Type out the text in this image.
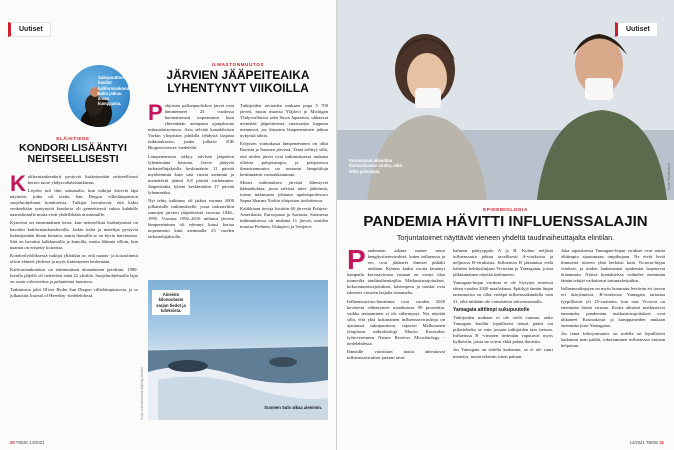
Uutiset
Sukupuuttoon kuollut kaliforniankondori. Saku jatkuu ilman kumppania.
ELÄINTIEDE
KONDORI LISÄÄNTYI NEITSEELLISESTI

Kaliforniankondorit pystyvät lisääntymään neitseellisesti kertoo tuore yhdysvaltalaistutkimus.

Löydös tuli ilmi sattumalta, kun tutkijat kävivät läpi näytteitä, jotka oli otettu San Diegon villieläinpuiston suojeluohjelman kondoreista. Tutkijat havaitsivat, että kaksi venkeeltään syntynyttä kondoria oli geneettisesti sukua kahdelle naaraslinnulle mutta eivät yhdellekään urosinnuille.

Kyseessä on ensimmäinen kerta, kun neitseellistä lisääntymistä on havaittu kaliforniankondoreilla. Jotkin kalat ja matelijat pystyvät lisääntymään ilman koiraita, mutta linnuilla se on hyvin harvinaista. Sitä on havaittu kalkkunoilla ja kanoilla, mutta lähinnä silloin, kun naaraat on eristetty koiraista.

Kondorilyödöksessä tutkijat yllättikin se, että naaras- ja koiraslinnut olivat eläneet yhdessä ja myös lisääntyneet keskenään.

Kaliforniankondori on äärimmäisen uhanalainen petolintu. 1980-luvulla jäljellä oli tiettävästi enää 22 yksilöä. Suojeluohjelmalla lajia on saatu vahvistettua ja palautettua luontoon.

Tutkimusta johti Oliver Ryder San Diegon villieläinpuistosta, ja se julkaistiin Journal of Heredity -tiedelehdessä.

ILMASTONMUUTOS
JÄRVIEN JÄÄPEITEAIKA LYHENTYNYT VIIKOILLA

Pohjoisen pallonpuoliskon järvet ovat lämmenneet 25 vuodessa huomattavasti nopeammin kuin yhteenkään aiempana ajanjaksona mittaushistoriassa. Asia selviää kanadalaisen Yorkin yliopiston johdolla tehdystä laajasta tutkimuksesta, jonka julkaisi JGR Biogeosciences -tiedelehti.

Lämpenemisen näkyy talvisen jääpeiton lyhenemänä kestona. Järvet jäätyvät tarkastellujaksolla keskimäärin 11 päivää myöhemmin kuin sata vuotta aiemmin ja menettävät jäänsä 6,8 päivää varhemmin. Jääpeiteaika lyheni keskimäärin 17 päivää lyhemmäksi.

Nyt tehty tutkimus oli jatkoa vuonna 2000 julkaistulle tutkimukselle, jossa tarkasteltiin samojen järvien jääpeitteistä vuosina 1846–1995. Vuosina 1992–2016 mittatut järvien lämpeneminen oli edennyt kuusi kertaa nopeammin kuin aiemmalla 25 vuoden tarkastelujaksolla.

Tutkijoiden arvioiden mukaan popa 5 700 järveä, muun muassa Yläjärvi ja Michigan Yhdysvalloissa sekä Suwa Japanissa, uhkaavat menettää jääpeitteensä vuosisadan loppuun mennessä, jos ilmaston lämpeneminen jatkuu nykyistä tahtia.

Erityisen voimakasta lämpeneminen on ollut Ruotsin ja Suomen järvissä. Tämä selittyy sillä, että niiden järvet ovat tutkimuksessa mukana olleista pohjoisimpia, ja pohjoisessa ilmastonmuutos on nostanut lämpötiloja keskimäärin voimakkaammin.

Monet tutkimuksen järvistä lähestyvät kääntekohtaa, jossa talvista tulee jäättömiä, toteaa tutkimusta johtanut apulaisprofessori Sapna Sharma Yorkin yliopiston tiedotteessa.

Kalikkiaan tietoja koottiin 60 järvestä Pohjois-Amerikasta, Euroopasta ja Aasiasta. Suomesta tutkimuksessa oli mukana 11 järveä, muiden muassa Pielinen, Oulujärvi ja Vesijärvi.

Aineisto kilonootasin sarjan tiedot ja tuloksista.
Suomen Sulo alkaa aiemmin.
Kuva: tutkimuksessa käytetty aineisto
20 TIEDE 14/2021
Uutiset
Koronatauti aiheuttaa flunssakuume oireita, niitä ehkä pahempia.
EPIDEMIOLOGIA
PANDEMIA HÄVITTI INFLUENSSALAJIN
Torjuntatoimet näyttävät vieneen yhdeltä taudinaiheuttajalta elintilan.

Pandemian aikana monet muut hengitystieinvirukset, kuten influenssa ja rsv, ovat jättäneet ihmiset pitkälti rauhaan. Kolmas kiaksi vuotta kestänyt kampailu koronavirusta vastaan on vienyt tilaa tuumeilta taudinaiheuttajilta. Matkustusrajoitukset, kokoontumisrajoitukset, käsienpesu ja maskit ovat iskeneet virusten laajalta rintamalta.

Influenssavirus-havainnot ovat vuoden 2020 kevätestä vähentyneet maailmassa 99 prosenttia, vaikka testaaminen ei ole vähentynyt. Nyt näyttää siltä, että yksi kokonainen influenssaviruslinja on ajautunut sukupuuttoon, raportoi Melbournen yliopiston mikrobiologi Marios Koutsakos työtovereineen Nature Reviews Microbiology -tiedelehdessä.

Ihmisille vuosittain tautia aiheuttavat influenssavirukset jaetaan tavat

kahteen päätyyppiin A ja B. Kolme neljästä influenssasta johtuu tavallisesti A-viruksista ja neljäsosa B-viruksista. Influenssa B jakaantuu vielä kahteen kehityslinjaan Victorian ja Yamagatan, joista jälkimmäinen näyttää kadonneen.

Yamagata-linjan viruksia ei ole löytynyt testeissä sitten vuoden 2020 maaliskuun. Epäilyjä tämän linjan tartunnoista on ollut vieläpä influenssakaudella vain 31, eikä mitkään ole varmistettu sekvensoimalla.

Yamagata alttiimpi sukupuutolle

Tutkijoiden mukaan ei ole vielä varmaa, onko Yamagata kuollut lopullisesti tienaä pääsä vai piilotteleeko se vain jossain tutkijoiden taas tietoon. Influenssa B -virusten tiedetään vaputuvat myös hylkeisiin, joista ne voivat ehkä palata ihmisiin.

Jos Yamagata on todella kadonnut, se ei ole suuri menetys, mutta tekevän sitten paluun.

Joka tapauksessa Yamagata-linjan virukset ovat muita alttiimpia ajautumaan umpikujaan. Ne eivät leviä ihmisestä toiseen yhtä herkästi kuin Victoria-linjan virukset, ja niiden laukaisemat epidemiat laajenevat hitaammin. Näissä kontakteissa vaihtelee enemmän tämän tekijät vaikuttavat tartuntaketjuihin.

Influenssalinjojen on myös huomattu leviävän eri tavoin eri ikäryhmissä. B-viruksista Yamagata tartuttaa tyypillisesti yli 25-vuotiaita, kun taas Victoria on enemmän lasten virusaa. Koska aikuiset matkustavat enemmän, pandemian matkustusrajoitukset ovat uhkaneet Koutsakosin ja kumppaneiden mukaan enemmän juuri Yamagataa.

Jos tämä kehitysmuutos on todella on lopullisesti kadonnut man päältä, rokottaminen influenssaa vastaan helpottuu.

Kuva: Shutterstock
14/2021 TIEDE 21
